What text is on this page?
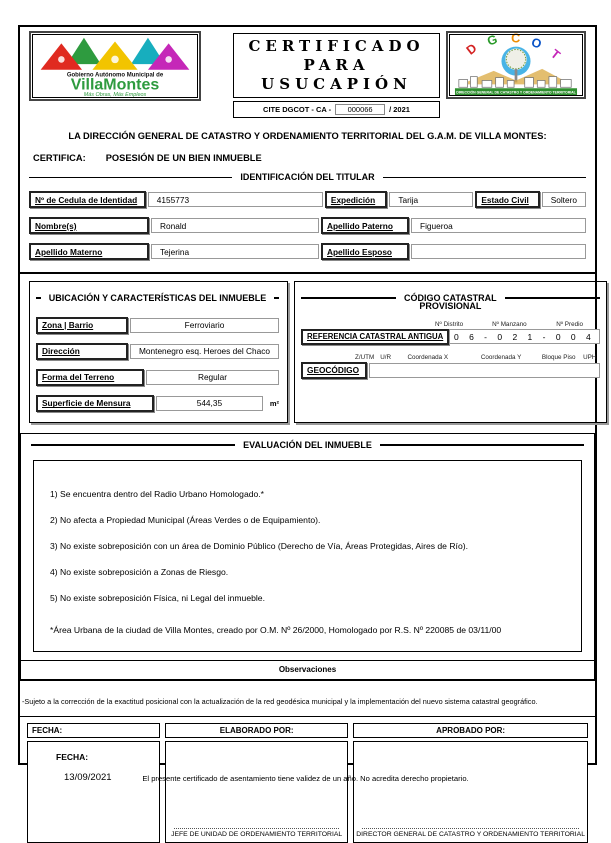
Gobierno Autónomo Municipal de
VillaMontes
Más Obras, Más Empleos
CERTIFICADO PARA
USUCAPIÓN
CITE DGCOT - CA -	000066	/ 2021
D
G C O
T
DIRECCIÓN GENERAL DE CATASTRO Y ORDENAMIENTO TERRITORIAL
LA DIRECCIÓN GENERAL DE CATASTRO Y ORDENAMIENTO TERRITORIAL DEL G.A.M. DE VILLA MONTES:
CERTIFICA: POSESIÓN DE UN BIEN INMUEBLE
IDENTIFICACIÓN DEL TITULAR
Nº de Cedula de Identidad	4155773	Expedición	Tarija	Estado Civil	Soltero
Nombre(s)	Ronald	Apellido Paterno	Figueroa
Apellido Materno	Tejerina	Apellido Esposo
UBICACIÓN Y CARACTERÍSTICAS DEL INMUEBLE
Zona | Barrio	Ferroviario
Dirección	Montenegro esq. Heroes del Chaco
Forma del Terreno	Regular
Superficie de Mensura	544,35	m²
CÓDIGO CATASTRAL
PROVISIONAL
Nº Distrito	Nº Manzano	Nº Predio
REFERENCIA CATASTRAL ANTIGUA	0 6 - 0 2 1 - 0 0 4
Z/UTM U/R	Coordenada X	Coordenada Y	Bloque Piso	UPH
GEOCÓDIGO
EVALUACIÓN DEL INMUEBLE
1) Se encuentra dentro del Radio Urbano Homologado.*
2) No afecta a Propiedad Municipal (Áreas Verdes o de Equipamiento).
3) No existe sobreposición con un área de Dominio Público (Derecho de Vía, Áreas Protegidas, Aires de Río).
4) No existe sobreposición a Zonas de Riesgo.
5) No existe sobreposición Física, ni Legal del inmueble.
*Área Urbana de la ciudad de Villa Montes, creado por O.M. Nº 26/2000, Homologado por R.S. Nº 220085 de 03/11/00
Observaciones
-Sujeto a la corrección de la exactitud posicional con la actualización de la red geodésica municipal y la implementación del nuevo sistema catastral geográfico.
FECHA:	ELABORADO POR:	APROBADO POR:
FECHA:
13/09/2021
JEFE DE UNIDAD DE ORDENAMIENTO TERRITORIAL	DIRECTOR GENERAL DE CATASTRO Y ORDENAMIENTO TERRITORIAL
El presente certificado de asentamiento tiene validez de un año. No acredita derecho propietario.
